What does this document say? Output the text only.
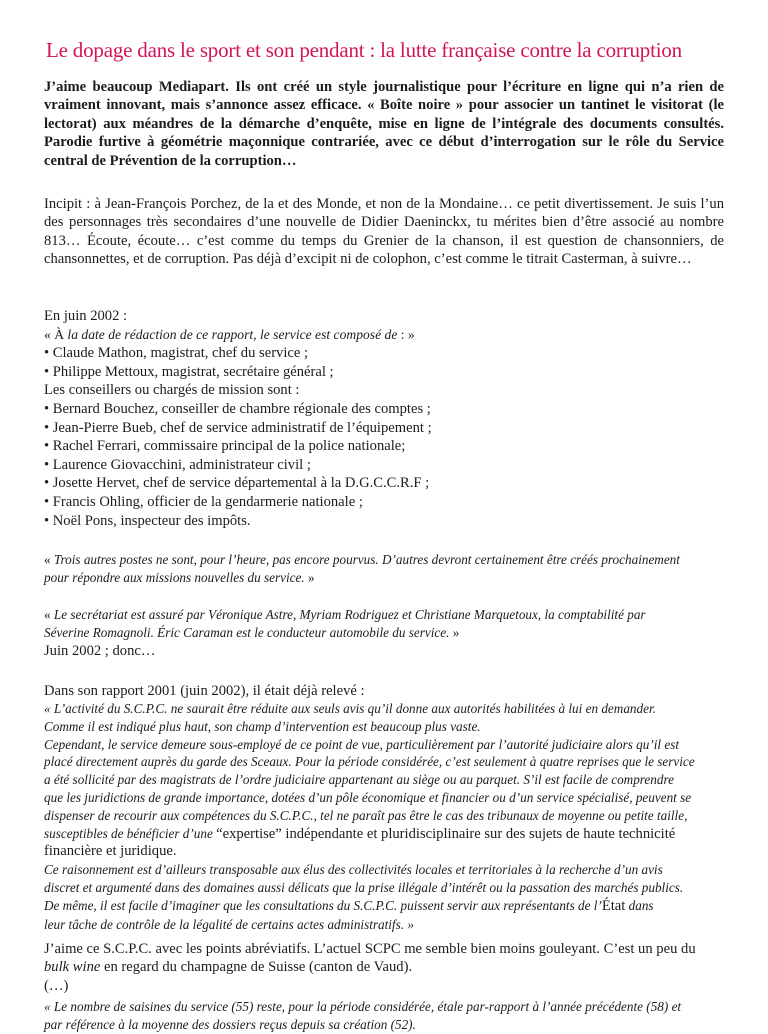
Le dopage dans le sport et son pendant : la lutte française contre la corruption

J’aime beaucoup Mediapart. Ils ont créé un style journalistique pour l’écriture en ligne qui n’a rien de vraiment innovant, mais s’annonce assez efficace. « Boîte noire » pour associer un tantinet le visitorat (le lectorat) aux méandres de la démarche d’enquête, mise en ligne de l’intégrale des documents consultés. Parodie furtive à géométrie maçonnique contrariée, avec ce début d’interrogation sur le rôle du Service central de Prévention de la corruption…

Incipit : à Jean-François Porchez, de la et des Monde, et non de la Mondaine… ce petit divertissement. Je suis l’un des personnages très secondaires d’une nouvelle de Didier Daeninckx, tu mérites bien d’être associé au nombre 813… Écoute, écoute… c’est comme du temps du Grenier de la chanson, il est question de chansonniers, de chansonnettes, et de corruption. Pas déjà d’excipit ni de colophon, c’est comme le titrait Casterman, à suivre…

En juin 2002 :
« À la date de rédaction de ce rapport, le service est composé de : »
• Claude Mathon, magistrat, chef du service ;
• Philippe Mettoux, magistrat, secrétaire général ;
Les conseillers ou chargés de mission sont :
• Bernard Bouchez, conseiller de chambre régionale des comptes ;
• Jean-Pierre Bueb, chef de service administratif de l’équipement ;
• Rachel Ferrari, commissaire principal de la police nationale;
• Laurence Giovacchini, administrateur civil ;
• Josette Hervet, chef de service départemental à la D.G.C.C.R.F ;
• Francis Ohling, officier de la gendarmerie nationale ;
• Noël Pons, inspecteur des impôts.

« Trois autres postes ne sont, pour l’heure, pas encore pourvus. D’autres devront certainement être créés prochainement
pour répondre aux missions nouvelles du service. »

« Le secrétariat est assuré par Véronique Astre, Myriam Rodriguez et Christiane Marquetoux, la comptabilité par
Séverine Romagnoli. Éric Caraman est le conducteur automobile du service. »

Juin 2002 ; donc…

Dans son rapport 2001 (juin 2002), il était déjà relevé :

« L’activité du S.C.P.C. ne saurait être réduite aux seuls avis qu’il donne aux autorités habilitées à lui en demander.
Comme il est indiqué plus haut, son champ d’intervention est beaucoup plus vaste.
Cependant, le service demeure sous-employé de ce point de vue, particulièrement par l’autorité judiciaire alors qu’il est
placé directement auprès du garde des Sceaux. Pour la période considérée, c’est seulement à quatre reprises que le service
a été sollicité par des magistrats de l’ordre judiciaire appartenant au siège ou au parquet. S’il est facile de comprendre
que les juridictions de grande importance, dotées d’un pôle économique et financier ou d’un service spécialisé, peuvent se
dispenser de recourir aux compétences du S.C.P.C., tel ne paraît pas être le cas des tribunaux de moyenne ou petite taille,
susceptibles de bénéficier d’une “expertise” indépendante et pluridisciplinaire sur des sujets de haute technicité
financière et juridique.
Ce raisonnement est d’ailleurs transposable aux élus des collectivités locales et territoriales à la recherche d’un avis
discret et argumenté dans des domaines aussi délicats que la prise illégale d’intérêt ou la passation des marchés publics.
De même, il est facile d’imaginer que les consultations du S.C.P.C. puissent servir aux représentants de l’État dans
leur tâche de contrôle de la légalité de certains actes administratifs. »

J’aime ce S.C.P.C. avec les points abréviatifs. L’actuel SCPC me semble bien moins gouleyant. C’est un peu du
bulk wine en regard du champagne de Suisse (canton de Vaud).
(…)

« Le nombre de saisines du service (55) reste, pour la période considérée, étale par-rapport à l’année précédente (58) et
par référence à la moyenne des dossiers reçus depuis sa création (52).
